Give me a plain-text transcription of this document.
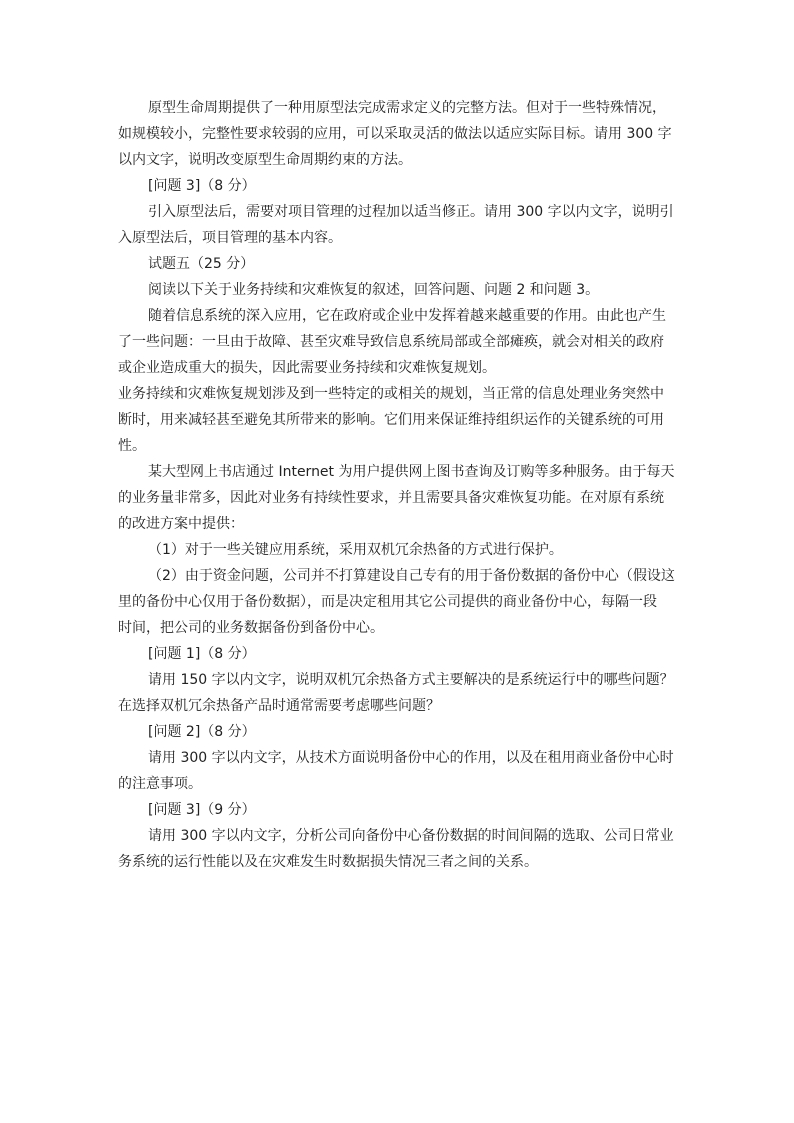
原型生命周期提供了一种用原型法完成需求定义的完整方法。但对于一些特殊情况，
如规模较小，完整性要求较弱的应用，可以采取灵活的做法以适应实际目标。请用 300 字
以内文字，说明改变原型生命周期约束的方法。
[问题 3]（8 分）
引入原型法后，需要对项目管理的过程加以适当修正。请用 300 字以内文字，说明引
入原型法后，项目管理的基本内容。
试题五（25 分）
阅读以下关于业务持续和灾难恢复的叙述，回答问题、问题 2 和问题 3。
随着信息系统的深入应用，它在政府或企业中发挥着越来越重要的作用。由此也产生
了一些问题：一旦由于故障、甚至灾难导致信息系统局部或全部瘫痪，就会对相关的政府
或企业造成重大的损失，因此需要业务持续和灾难恢复规划。
业务持续和灾难恢复规划涉及到一些特定的或相关的规划，当正常的信息处理业务突然中
断时，用来减轻甚至避免其所带来的影响。它们用来保证维持组织运作的关键系统的可用
性。
某大型网上书店通过 Internet 为用户提供网上图书查询及订购等多种服务。由于每天
的业务量非常多，因此对业务有持续性要求，并且需要具备灾难恢复功能。在对原有系统
的改进方案中提供：
（1）对于一些关键应用系统，采用双机冗余热备的方式进行保护。
（2）由于资金问题，公司并不打算建设自己专有的用于备份数据的备份中心（假设这
里的备份中心仅用于备份数据），而是决定租用其它公司提供的商业备份中心，每隔一段
时间，把公司的业务数据备份到备份中心。
[问题 1]（8 分）
请用 150 字以内文字，说明双机冗余热备方式主要解决的是系统运行中的哪些问题？
在选择双机冗余热备产品时通常需要考虑哪些问题？
[问题 2]（8 分）
请用 300 字以内文字，从技术方面说明备份中心的作用，以及在租用商业备份中心时
的注意事项。
[问题 3]（9 分）
请用 300 字以内文字，分析公司向备份中心备份数据的时间间隔的选取、公司日常业
务系统的运行性能以及在灾难发生时数据损失情况三者之间的关系。
